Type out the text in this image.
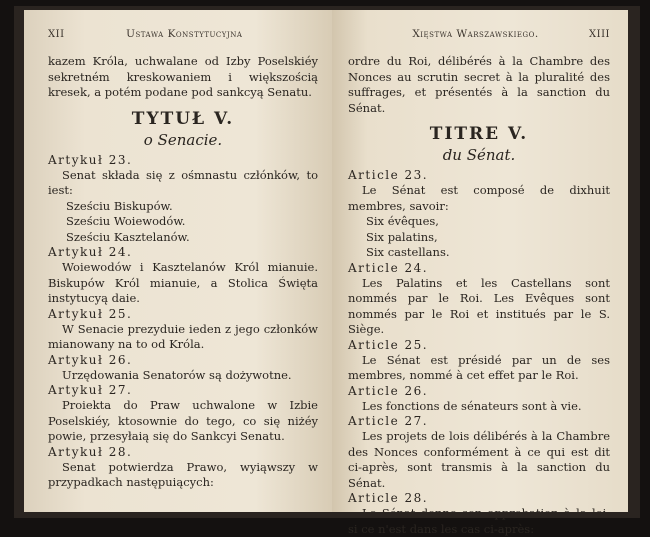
XII	Ustawa Konstytucyjna

kazem Króla, uchwalane od Izby Poselskiéy sekretném kreskowaniem i większością kresek, a potém podane pod sankcyą Senatu.

TYTUŁ V.
o Senacie.

Artykuł 23.

Senat składa się z ośmnastu człónków, to iest:

Sześciu Biskupów.

Sześciu Woiewodów.

Sześciu Kasztelanów.

Artykuł 24.

Woiewodów i Kasztelanów Król mianuie. Biskupów Król mianuie, a Stolica Święta instytucyą daie.

Artykuł 25.

W Senacie prezyduie ieden z jego członków mianowany na to od Króla.

Artykuł 26.

Urzędowania Senatorów są dożywotne.

Artykuł 27.

Proiekta do Praw uchwalone w Izbie Poselskiéy, ktosownie do tego, co się niżéy powie, przesyłaią się do Sankcyi Senatu.

Artykuł 28.

Senat potwierdza Prawo, wyiąwszy w przypadkach następuiących:

Xięstwa Warszawskiego.	XIII

ordre du Roi, délibérés à la Chambre des Nonces au scrutin secret à la pluralité des suffrages, et présentés à la sanction du Sénat.

TITRE V.
du Sénat.

Article 23.

Le Sénat est composé de dixhuit membres, savoir:

Six évêques,

Six palatins,

Six castellans.

Article 24.

Les Palatins et les Castellans sont nommés par le Roi. Les Evêques sont nommés par le Roi et institués par le S. Siège.

Article 25.

Le Sénat est présidé par un de ses membres, nommé à cet effet par le Roi.

Article 26.

Les fonctions de sénateurs sont à vie.

Article 27.

Les projets de lois délibérés à la Chambre des Nonces conformément à ce qui est dit ci-après, sont transmis à la sanction du Sénat.

Article 28.

Le Sénat donne son approbation à la loi, si ce n'est dans les cas ci-après:
